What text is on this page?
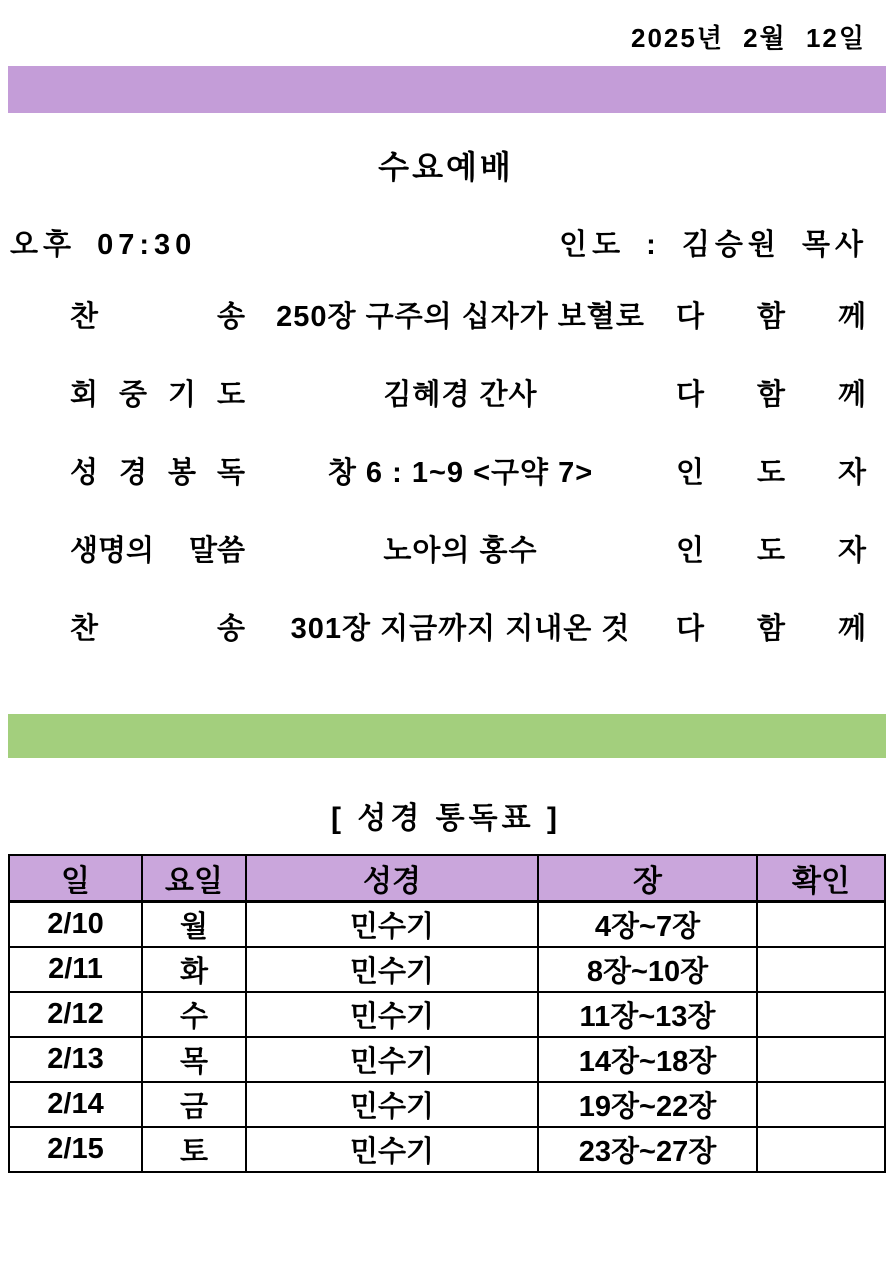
2025년 2월 12일
수요예배
오후 07:30	인도 : 김승원 목사
찬 송	250장 구주의 십자가 보혈로	다 함 께
회 중 기 도	김혜경 간사	다 함 께
성 경 봉 독	창 6 : 1~9 <구약 7>	인 도 자
생명의 말씀	노아의 홍수	인 도 자
찬 송	301장 지금까지 지내온 것	다 함 께
[ 성경 통독표 ]
일	요일	성경	장	확인
2/10	월	민수기	4장~7장	
2/11	화	민수기	8장~10장	
2/12	수	민수기	11장~13장	
2/13	목	민수기	14장~18장	
2/14	금	민수기	19장~22장	
2/15	토	민수기	23장~27장	
